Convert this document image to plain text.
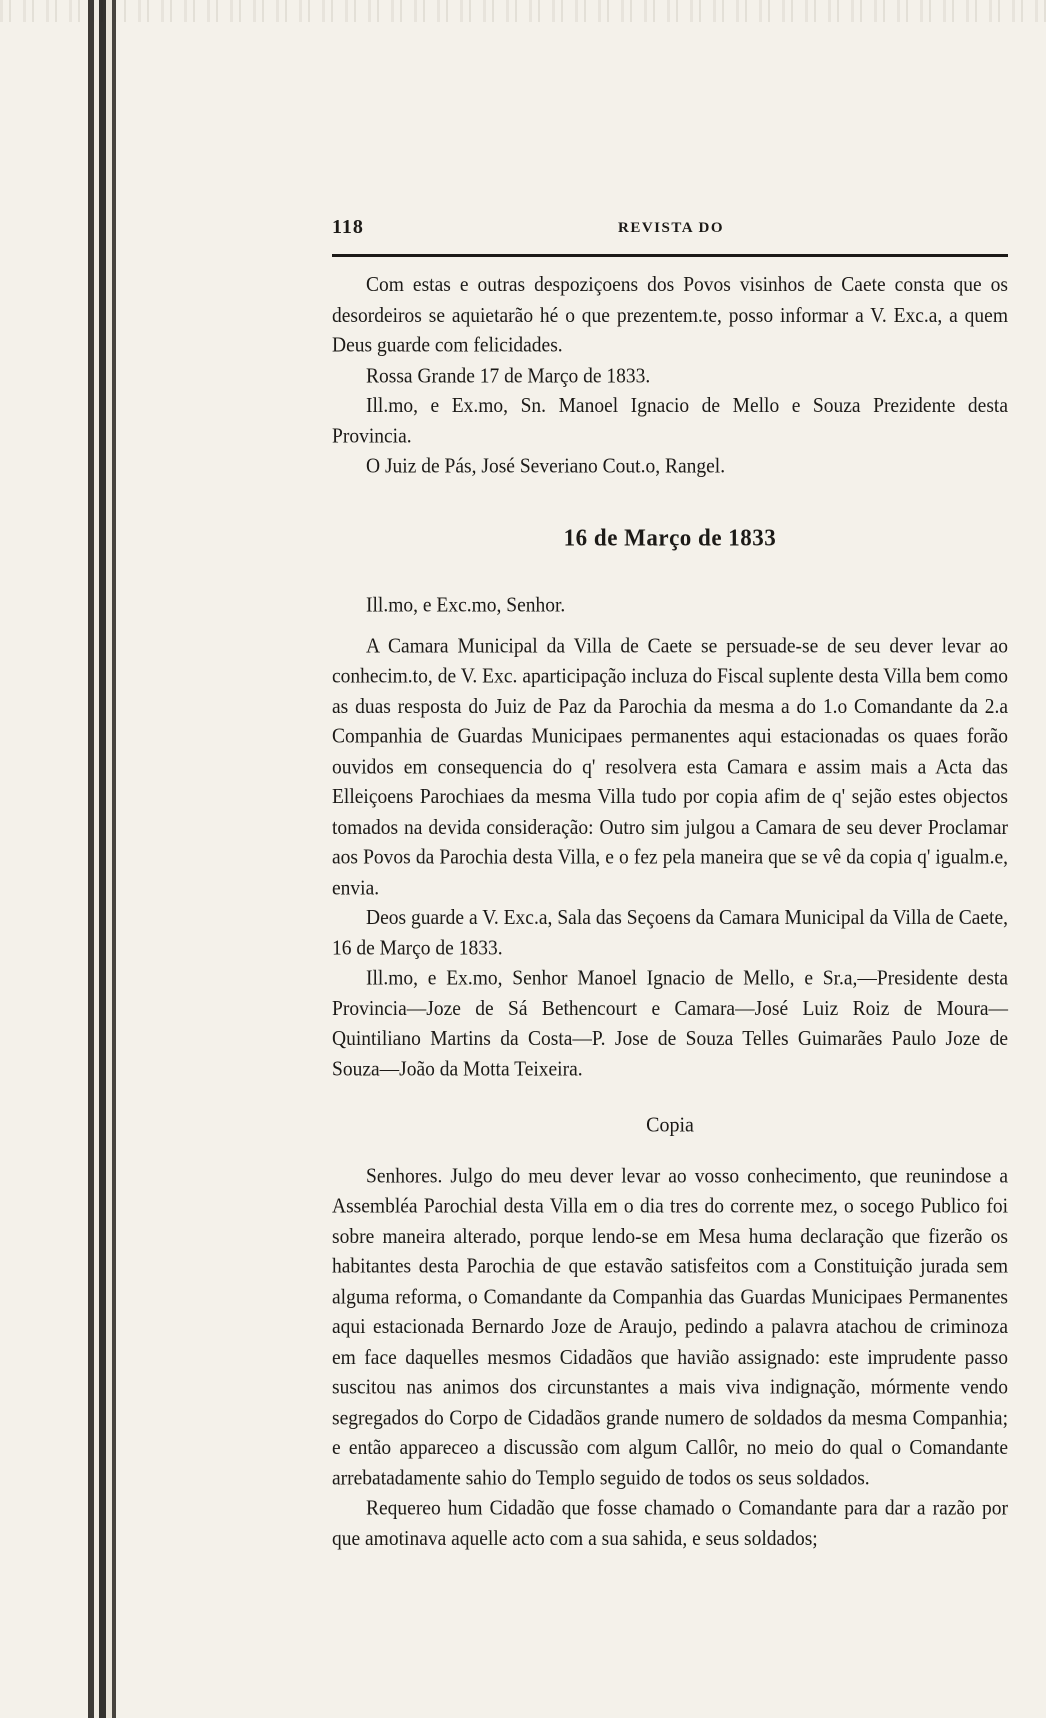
118	REVISTA DO

Com estas e outras despoziçoens dos Povos visinhos de Caete consta que os desordeiros se aquietarão hé o que prezentem.te, posso informar a V. Exc.a, a quem Deus guarde com felicidades.

Rossa Grande 17 de Março de 1833.

Ill.mo, e Ex.mo, Sn. Manoel Ignacio de Mello e Souza Prezidente desta Provincia.

O Juiz de Pás, José Severiano Cout.o, Rangel.

16 de Março de 1833

Ill.mo, e Exc.mo, Senhor.

A Camara Municipal da Villa de Caete se persuade-se de seu dever levar ao conhecim.to, de V. Exc. aparticipação incluza do Fiscal suplente desta Villa bem como as duas resposta do Juiz de Paz da Parochia da mesma a do 1.o Comandante da 2.a Companhia de Guardas Municipaes permanentes aqui estacionadas os quaes forão ouvidos em consequencia do q' resolvera esta Camara e assim mais a Acta das Elleiçoens Parochiaes da mesma Villa tudo por copia afim de q' sejão estes objectos tomados na devida consideração: Outro sim julgou a Camara de seu dever Proclamar aos Povos da Parochia desta Villa, e o fez pela maneira que se vê da copia q' igualm.e, envia.

Deos guarde a V. Exc.a, Sala das Seçoens da Camara Municipal da Villa de Caete, 16 de Março de 1833.

Ill.mo, e Ex.mo, Senhor Manoel Ignacio de Mello, e Sr.a,—Presidente desta Provincia—Joze de Sá Bethencourt e Camara—José Luiz Roiz de Moura—Quintiliano Martins da Costa—P. Jose de Souza Telles Guimarães Paulo Joze de Souza—João da Motta Teixeira.

Copia

Senhores. Julgo do meu dever levar ao vosso conhecimento, que reunindose a Assembléa Parochial desta Villa em o dia tres do corrente mez, o socego Publico foi sobre maneira alterado, porque lendo-se em Mesa huma declaração que fizerão os habitantes desta Parochia de que estavão satisfeitos com a Constituição jurada sem alguma reforma, o Comandante da Companhia das Guardas Municipaes Permanentes aqui estacionada Bernardo Joze de Araujo, pedindo a palavra atachou de criminoza em face daquelles mesmos Cidadãos que havião assignado: este imprudente passo suscitou nas animos dos circunstantes a mais viva indignação, mórmente vendo segregados do Corpo de Cidadãos grande numero de soldados da mesma Companhia; e então appareceo a discussão com algum Callôr, no meio do qual o Comandante arrebatadamente sahio do Templo seguido de todos os seus soldados.

Requereo hum Cidadão que fosse chamado o Comandante para dar a razão por que amotinava aquelle acto com a sua sahida, e seus soldados;
